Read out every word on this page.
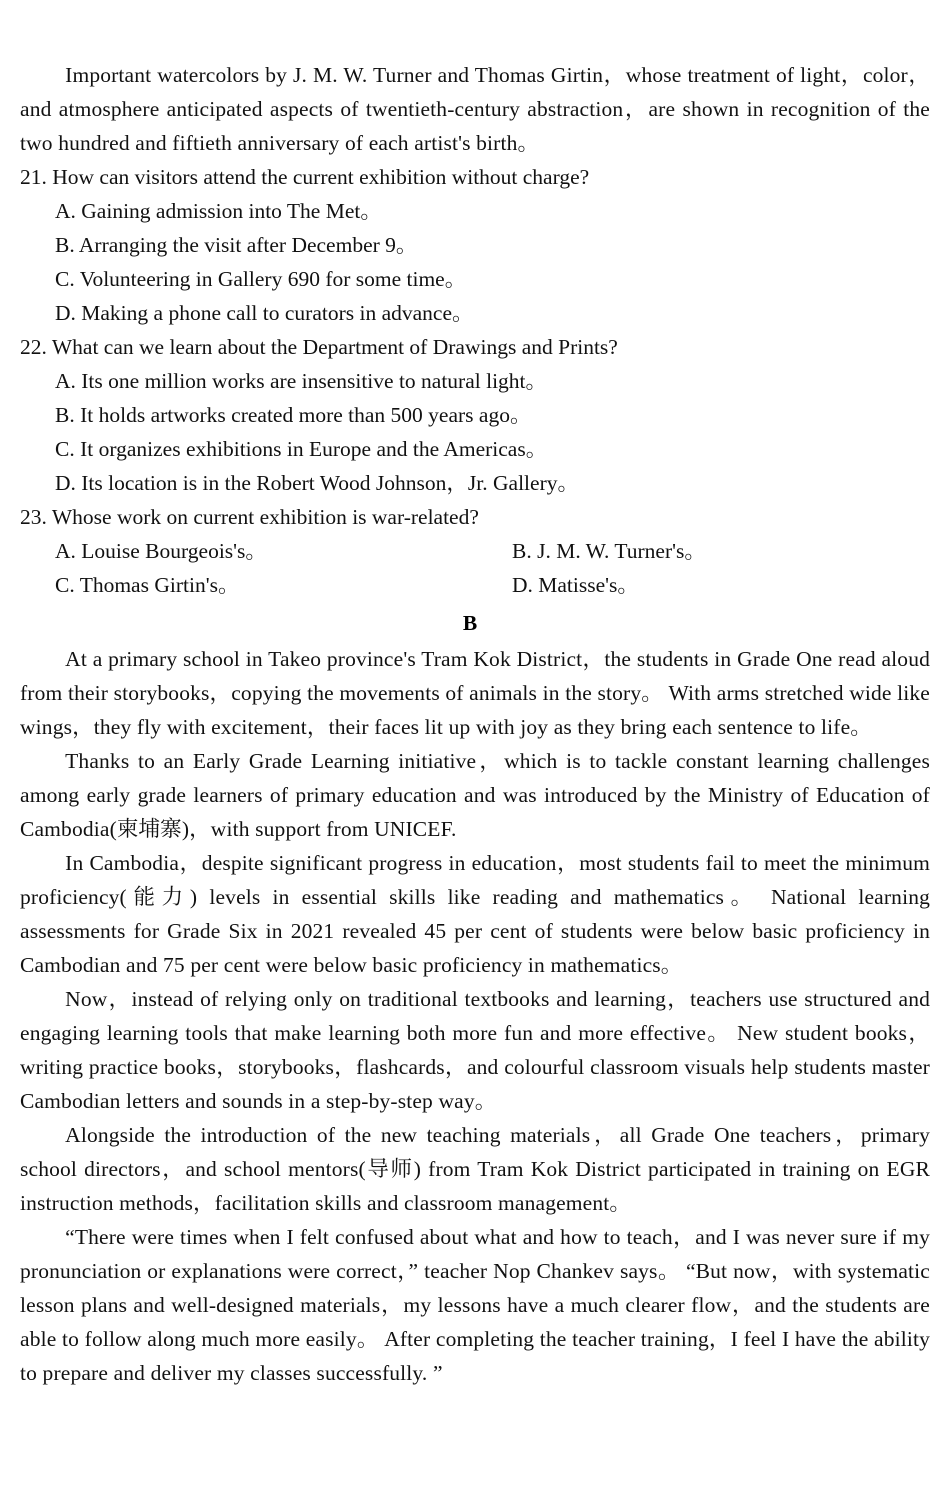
Important watercolors by J. M. W. Turner and Thomas Girtin，whose treatment of light，color，and atmosphere anticipated aspects of twentieth-century abstraction，are shown in recognition of the two hundred and fiftieth anniversary of each artist's birth。

21. How can visitors attend the current exhibition without charge?

A. Gaining admission into The Met。

B. Arranging the visit after December 9。

C. Volunteering in Gallery 690 for some time。

D. Making a phone call to curators in advance。

22. What can we learn about the Department of Drawings and Prints?

A. Its one million works are insensitive to natural light。

B. It holds artworks created more than 500 years ago。

C. It organizes exhibitions in Europe and the Americas。

D. Its location is in the Robert Wood Johnson，Jr. Gallery。

23. Whose work on current exhibition is war-related?

A. Louise Bourgeois's。	B. J. M. W. Turner's。
C. Thomas Girtin's。	D. Matisse's。
B

At a primary school in Takeo province's Tram Kok District，the students in Grade One read aloud from their storybooks，copying the movements of animals in the story。 With arms stretched wide like wings，they fly with excitement，their faces lit up with joy as they bring each sentence to life。

Thanks to an Early Grade Learning initiative，which is to tackle constant learning challenges among early grade learners of primary education and was introduced by the Ministry of Education of Cambodia(柬埔寨)，with support from UNICEF.

In Cambodia，despite significant progress in education，most students fail to meet the minimum proficiency(能力) levels in essential skills like reading and mathematics。 National learning assessments for Grade Six in 2021 revealed 45 per cent of students were below basic proficiency in Cambodian and 75 per cent were below basic proficiency in mathematics。

Now，instead of relying only on traditional textbooks and learning，teachers use structured and engaging learning tools that make learning both more fun and more effective。 New student books，writing practice books，storybooks，flashcards，and colourful classroom visuals help students master Cambodian letters and sounds in a step-by-step way。

Alongside the introduction of the new teaching materials，all Grade One teachers，primary school directors，and school mentors(导师) from Tram Kok District participated in training on EGR instruction methods，facilitation skills and classroom management。

“There were times when I felt confused about what and how to teach，and I was never sure if my pronunciation or explanations were correct，” teacher Nop Chankev says。 “But now，with systematic lesson plans and well-designed materials，my lessons have a much clearer flow，and the students are able to follow along much more easily。 After completing the teacher training，I feel I have the ability to prepare and deliver my classes successfully. ”
